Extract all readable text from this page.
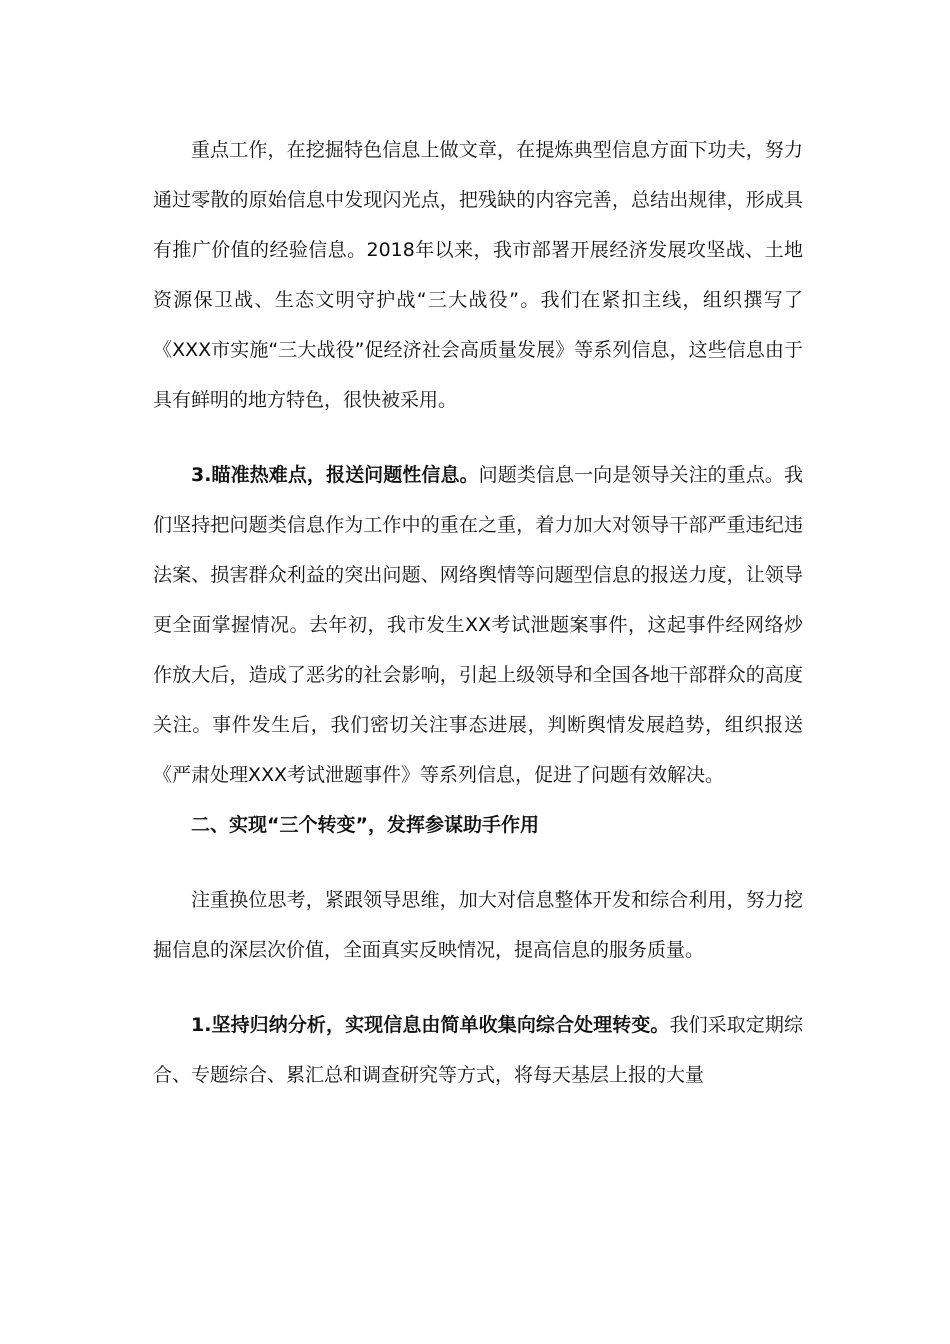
重点工作，在挖掘特色信息上做文章，在提炼典型信息方面下功夫，努力通过零散的原始信息中发现闪光点，把残缺的内容完善，总结出规律，形成具有推广价值的经验信息。2018年以来，我市部署开展经济发展攻坚战、土地资源保卫战、生态文明守护战“三大战役”。我们在紧扣主线，组织撰写了《XXX市实施“三大战役”促经济社会高质量发展》等系列信息，这些信息由于具有鲜明的地方特色，很快被采用。

3.瞄准热难点，报送问题性信息。问题类信息一向是领导关注的重点。我们坚持把问题类信息作为工作中的重在之重，着力加大对领导干部严重违纪违法案、损害群众利益的突出问题、网络舆情等问题型信息的报送力度，让领导更全面掌握情况。去年初，我市发生XX考试泄题案事件，这起事件经网络炒作放大后，造成了恶劣的社会影响，引起上级领导和全国各地干部群众的高度关注。事件发生后，我们密切关注事态进展，判断舆情发展趋势，组织报送《严肃处理XXX考试泄题事件》等系列信息，促进了问题有效解决。

二、实现“三个转变”，发挥参谋助手作用

注重换位思考，紧跟领导思维，加大对信息整体开发和综合利用，努力挖掘信息的深层次价值，全面真实反映情况，提高信息的服务质量。

1.坚持归纳分析，实现信息由简单收集向综合处理转变。我们采取定期综合、专题综合、累汇总和调查研究等方式，将每天基层上报的大量
